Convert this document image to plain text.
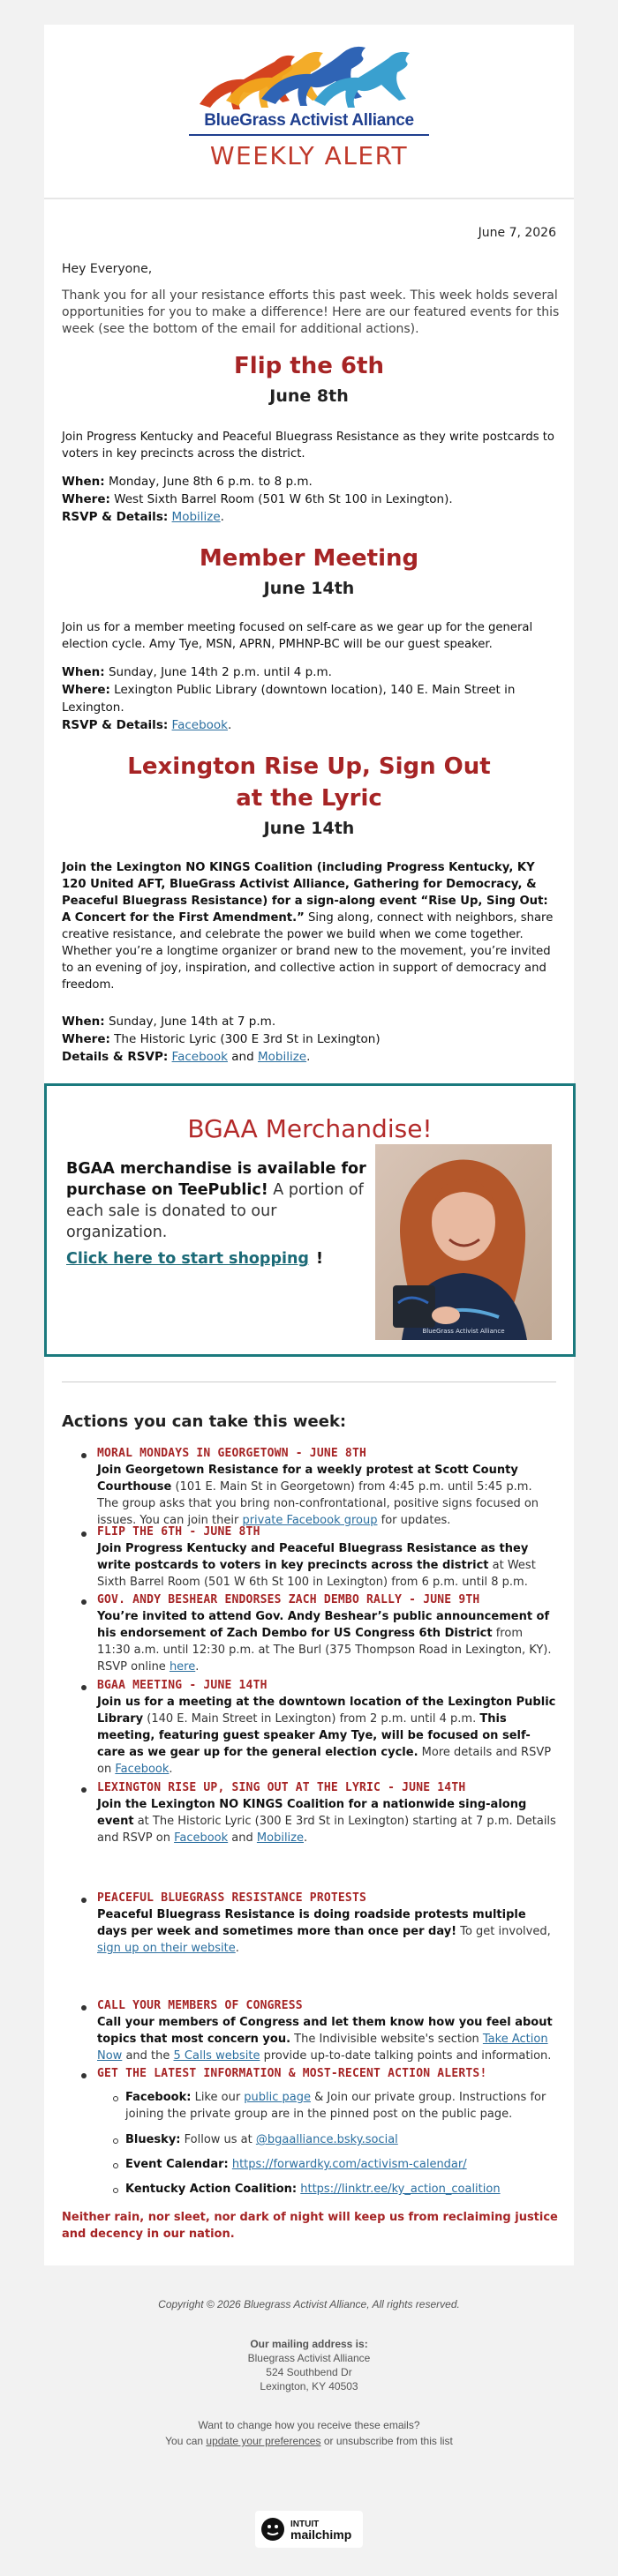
BlueGrass Activist Alliance
WEEKLY ALERT
June 7, 2026
Hey Everyone,
Thank you for all your resistance efforts this past week. This week holds several opportunities for you to make a difference! Here are our featured events for this week (see the bottom of the email for additional actions).
Flip the 6th
June 8th
Join Progress Kentucky and Peaceful Bluegrass Resistance as they write postcards to voters in key precincts across the district.
When: Monday, June 8th 6 p.m. to 8 p.m.
Where: West Sixth Barrel Room (501 W 6th St 100 in Lexington).
RSVP & Details: Mobilize.
Member Meeting
June 14th
Join us for a member meeting focused on self-care as we gear up for the general election cycle. Amy Tye, MSN, APRN, PMHNP-BC will be our guest speaker.
When: Sunday, June 14th 2 p.m. until 4 p.m.
Where: Lexington Public Library (downtown location), 140 E. Main Street in Lexington.
RSVP & Details: Facebook.
Lexington Rise Up, Sign Out
at the Lyric
June 14th
Join the Lexington NO KINGS Coalition (including Progress Kentucky, KY 120 United AFT, BlueGrass Activist Alliance, Gathering for Democracy, & Peaceful Bluegrass Resistance) for a sign-along event “Rise Up, Sing Out: A Concert for the First Amendment.” Sing along, connect with neighbors, share creative resistance, and celebrate the power we build when we come together. Whether you’re a longtime organizer or brand new to the movement, you’re invited to an evening of joy, inspiration, and collective action in support of democracy and freedom.
When: Sunday, June 14th at 7 p.m.
Where: The Historic Lyric (300 E 3rd St in Lexington)
Details & RSVP: Facebook and Mobilize.
BGAA Merchandise!
BGAA merchandise is available for purchase on TeePublic! A portion of each sale is donated to our organization.
Click here to start shopping !
BlueGrass Activist Alliance
Actions you can take this week:
MORAL MONDAYS IN GEORGETOWN - JUNE 8TH
Join Georgetown Resistance for a weekly protest at Scott County Courthouse (101 E. Main St in Georgetown) from 4:45 p.m. until 5:45 p.m. The group asks that you bring non-confrontational, positive signs focused on issues. You can join their private Facebook group for updates.
FLIP THE 6TH - JUNE 8TH
Join Progress Kentucky and Peaceful Bluegrass Resistance as they write postcards to voters in key precincts across the district at West Sixth Barrel Room (501 W 6th St 100 in Lexington) from 6 p.m. until 8 p.m.
GOV. ANDY BESHEAR ENDORSES ZACH DEMBO RALLY - JUNE 9TH
You’re invited to attend Gov. Andy Beshear’s public announcement of his endorsement of Zach Dembo for US Congress 6th District from 11:30 a.m. until 12:30 p.m. at The Burl (375 Thompson Road in Lexington, KY). RSVP online here.
BGAA MEETING - JUNE 14TH
Join us for a meeting at the downtown location of the Lexington Public Library (140 E. Main Street in Lexington) from 2 p.m. until 4 p.m. This meeting, featuring guest speaker Amy Tye, will be focused on self-care as we gear up for the general election cycle. More details and RSVP on Facebook.
LEXINGTON RISE UP, SING OUT AT THE LYRIC - JUNE 14TH
Join the Lexington NO KINGS Coalition for a nationwide sing-along event at The Historic Lyric (300 E 3rd St in Lexington) starting at 7 p.m. Details and RSVP on Facebook and Mobilize.
PEACEFUL BLUEGRASS RESISTANCE PROTESTS
Peaceful Bluegrass Resistance is doing roadside protests multiple days per week and sometimes more than once per day! To get involved, sign up on their website.
CALL YOUR MEMBERS OF CONGRESS
Call your members of Congress and let them know how you feel about topics that most concern you. The Indivisible website's section Take Action Now and the 5 Calls website provide up-to-date talking points and information.
GET THE LATEST INFORMATION & MOST-RECENT ACTION ALERTS!
Facebook: Like our public page & Join our private group. Instructions for joining the private group are in the pinned post on the public page.
Bluesky: Follow us at @bgaalliance.bsky.social
Event Calendar: https://forwardky.com/activism-calendar/
Kentucky Action Coalition: https://linktr.ee/ky_action_coalition
Neither rain, nor sleet, nor dark of night will keep us from reclaiming justice and decency in our nation.
Copyright © 2026 Bluegrass Activist Alliance, All rights reserved.
Our mailing address is:
Bluegrass Activist Alliance
524 Southbend Dr
Lexington, KY 40503
Want to change how you receive these emails?
You can update your preferences or unsubscribe from this list
INTUIT
mailchimp
